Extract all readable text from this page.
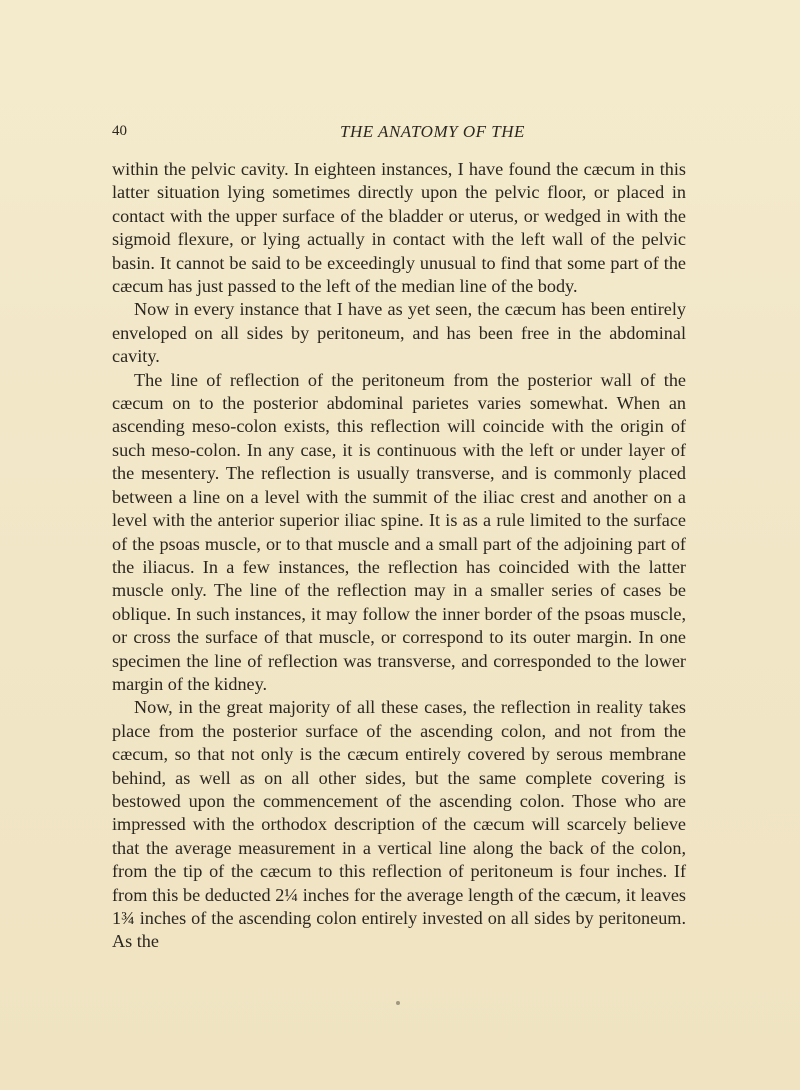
40	THE ANATOMY OF THE

within the pelvic cavity. In eighteen instances, I have found the cæcum in this latter situation lying sometimes directly upon the pelvic floor, or placed in contact with the upper surface of the bladder or uterus, or wedged in with the sigmoid flexure, or lying actually in contact with the left wall of the pelvic basin. It cannot be said to be exceedingly unusual to find that some part of the cæcum has just passed to the left of the median line of the body.

Now in every instance that I have as yet seen, the cæcum has been entirely enveloped on all sides by peritoneum, and has been free in the abdominal cavity.

The line of reflection of the peritoneum from the posterior wall of the cæcum on to the posterior abdominal parietes varies somewhat. When an ascending meso-colon exists, this reflection will coincide with the origin of such meso-colon. In any case, it is continuous with the left or under layer of the mesentery. The reflection is usually transverse, and is commonly placed between a line on a level with the summit of the iliac crest and another on a level with the anterior superior iliac spine. It is as a rule limited to the surface of the psoas muscle, or to that muscle and a small part of the adjoining part of the iliacus. In a few instances, the reflection has coincided with the latter muscle only. The line of the reflection may in a smaller series of cases be oblique. In such instances, it may follow the inner border of the psoas muscle, or cross the surface of that muscle, or correspond to its outer margin. In one specimen the line of reflection was transverse, and corresponded to the lower margin of the kidney.

Now, in the great majority of all these cases, the reflection in reality takes place from the posterior surface of the ascending colon, and not from the cæcum, so that not only is the cæcum entirely covered by serous membrane behind, as well as on all other sides, but the same complete covering is bestowed upon the commencement of the ascending colon. Those who are impressed with the orthodox description of the cæcum will scarcely believe that the average measurement in a vertical line along the back of the colon, from the tip of the cæcum to this reflection of peritoneum is four inches. If from this be deducted 2¼ inches for the average length of the cæcum, it leaves 1¾ inches of the ascending colon entirely invested on all sides by peritoneum. As the
